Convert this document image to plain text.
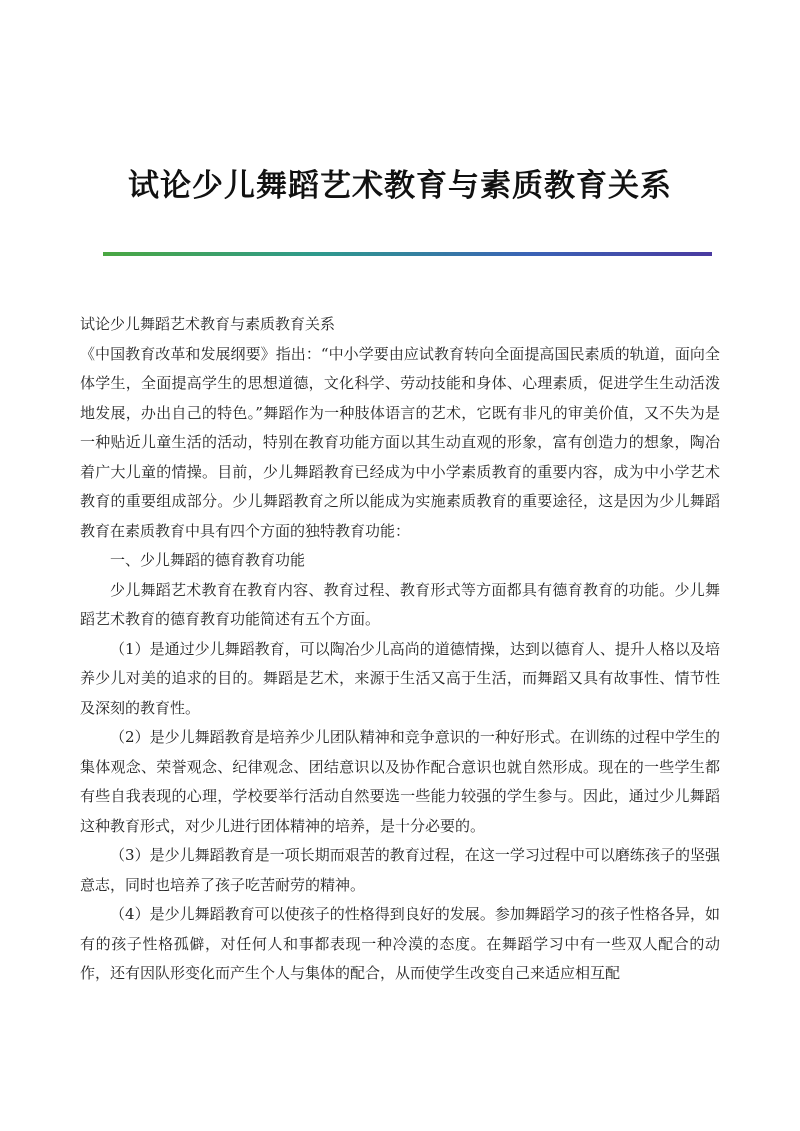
试论少儿舞蹈艺术教育与素质教育关系

试论少儿舞蹈艺术教育与素质教育关系

《中国教育改革和发展纲要》指出：“中小学要由应试教育转向全面提高国民素质的轨道，面向全体学生，全面提高学生的思想道德，文化科学、劳动技能和身体、心理素质，促进学生生动活泼地发展，办出自己的特色。”舞蹈作为一种肢体语言的艺术，它既有非凡的审美价值，又不失为是一种贴近儿童生活的活动，特别在教育功能方面以其生动直观的形象，富有创造力的想象，陶冶着广大儿童的情操。目前，少儿舞蹈教育已经成为中小学素质教育的重要内容，成为中小学艺术教育的重要组成部分。少儿舞蹈教育之所以能成为实施素质教育的重要途径，这是因为少儿舞蹈教育在素质教育中具有四个方面的独特教育功能：

一、少儿舞蹈的德育教育功能

少儿舞蹈艺术教育在教育内容、教育过程、教育形式等方面都具有德育教育的功能。少儿舞蹈艺术教育的德育教育功能简述有五个方面。

（1）是通过少儿舞蹈教育，可以陶冶少儿高尚的道德情操，达到以德育人、提升人格以及培养少儿对美的追求的目的。舞蹈是艺术，来源于生活又高于生活，而舞蹈又具有故事性、情节性及深刻的教育性。

（2）是少儿舞蹈教育是培养少儿团队精神和竞争意识的一种好形式。在训练的过程中学生的集体观念、荣誉观念、纪律观念、团结意识以及协作配合意识也就自然形成。现在的一些学生都有些自我表现的心理，学校要举行活动自然要选一些能力较强的学生参与。因此，通过少儿舞蹈这种教育形式，对少儿进行团体精神的培养，是十分必要的。

（3）是少儿舞蹈教育是一项长期而艰苦的教育过程，在这一学习过程中可以磨练孩子的坚强意志，同时也培养了孩子吃苦耐劳的精神。

（4）是少儿舞蹈教育可以使孩子的性格得到良好的发展。参加舞蹈学习的孩子性格各异，如有的孩子性格孤僻，对任何人和事都表现一种冷漠的态度。在舞蹈学习中有一些双人配合的动作，还有因队形变化而产生个人与集体的配合，从而使学生改变自己来适应相互配
